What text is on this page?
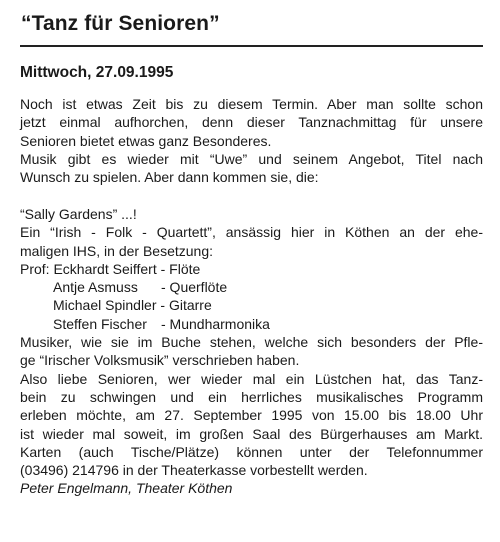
“Tanz für Senioren”
Mittwoch, 27.09.1995
Noch ist etwas Zeit bis zu diesem Termin. Aber man sollte schon
jetzt einmal aufhorchen, denn dieser Tanznachmittag für unsere
Senioren bietet etwas ganz Besonderes.
Musik gibt es wieder mit “Uwe” und seinem Angebot, Titel nach
Wunsch zu spielen. Aber dann kommen sie, die:
“Sally Gardens” ...!
Ein “Irish - Folk - Quartett”, ansässig hier in Köthen an der ehe-
maligen IHS, in der Besetzung:
Prof: Eckhardt Seiffert - Flöte
Antje Asmuss - Querflöte
Michael Spindler - Gitarre
Steffen Fischer - Mundharmonika
Musiker, wie sie im Buche stehen, welche sich besonders der Pfle-
ge “Irischer Volksmusik” verschrieben haben.
Also liebe Senioren, wer wieder mal ein Lüstchen hat, das Tanz-
bein zu schwingen und ein herrliches musikalisches Programm
erleben möchte, am 27. September 1995 von 15.00 bis 18.00 Uhr
ist wieder mal soweit, im großen Saal des Bürgerhauses am Markt.
Karten (auch Tische/Plätze) können unter der Telefonnummer
(03496) 214796 in der Theaterkasse vorbestellt werden.
Peter Engelmann, Theater Köthen
